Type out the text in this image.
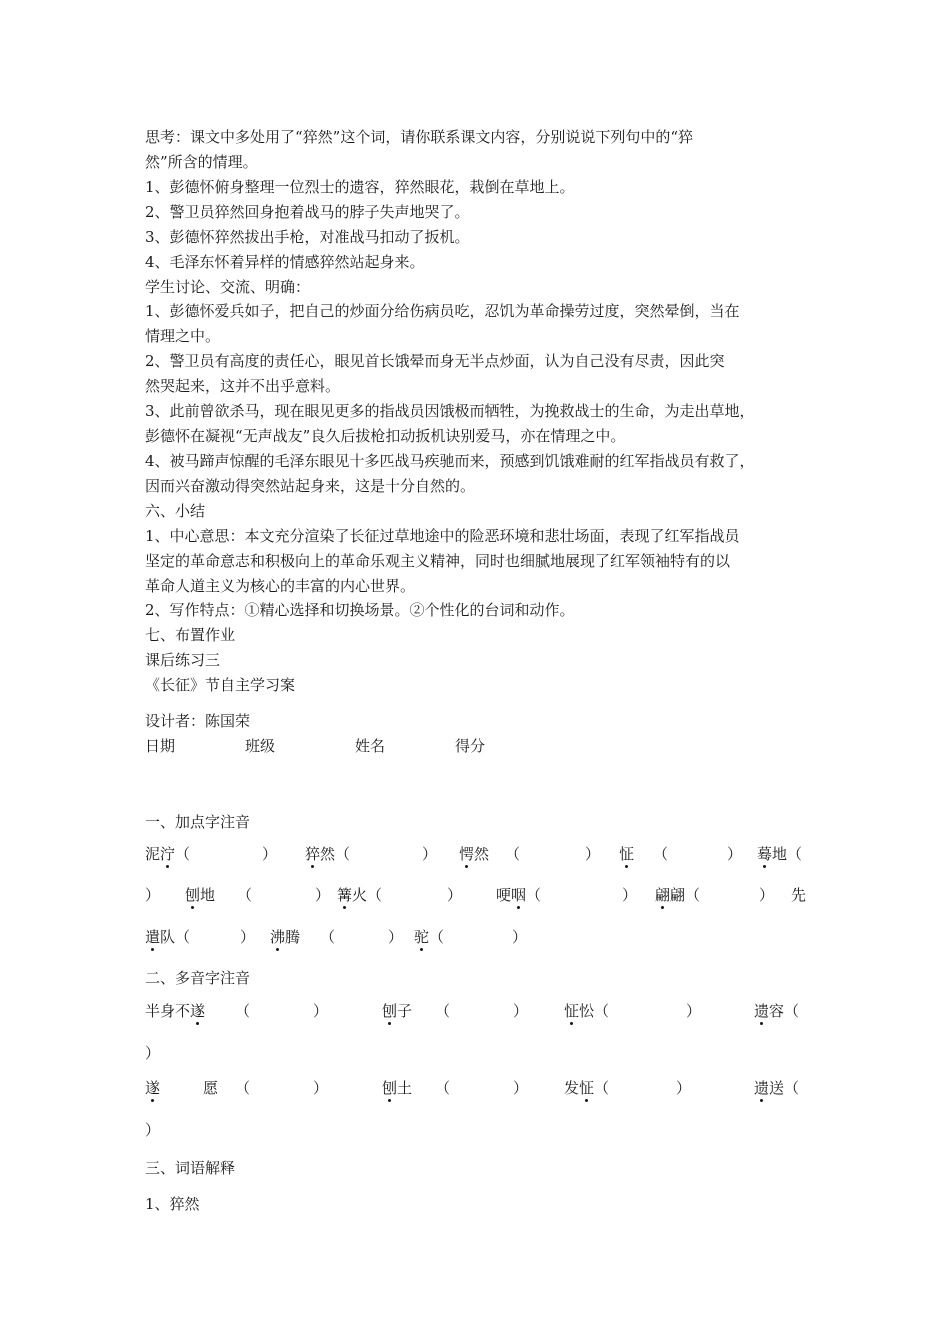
思考：课文中多处用了“猝然”这个词，请你联系课文内容，分别说说下列句中的“猝
然”所含的情理。
1、彭德怀俯身整理一位烈士的遗容，猝然眼花，栽倒在草地上。
2、警卫员猝然回身抱着战马的脖子失声地哭了。
3、彭德怀猝然拔出手枪，对准战马扣动了扳机。
4、毛泽东怀着异样的情感猝然站起身来。
学生讨论、交流、明确：
1、彭德怀爱兵如子，把自己的炒面分给伤病员吃，忍饥为革命操劳过度，突然晕倒，当在
情理之中。
2、警卫员有高度的责任心，眼见首长饿晕而身无半点炒面，认为自己没有尽责，因此突
然哭起来，这并不出乎意料。
3、此前曾欲杀马，现在眼见更多的指战员因饿极而牺牲，为挽救战士的生命，为走出草地，
彭德怀在凝视“无声战友”良久后拔枪扣动扳机诀别爱马，亦在情理之中。
4、被马蹄声惊醒的毛泽东眼见十多匹战马疾驰而来，预感到饥饿难耐的红军指战员有救了，
因而兴奋激动得突然站起身来，这是十分自然的。
六、小结
1、中心意思：本文充分渲染了长征过草地途中的险恶环境和悲壮场面，表现了红军指战员
坚定的革命意志和积极向上的革命乐观主义精神，同时也细腻地展现了红军领袖特有的以
革命人道主义为核心的丰富的内心世界。
2、写作特点：①精心选择和切换场景。②个性化的台词和动作。
七、布置作业
课后练习三
《长征》节自主学习案
设计者：陈国荣
日期	班级	姓名	得分
一、加点字注音
泥泞（	） 猝然（	） 愕然 （	） 怔 （	） 蓦地（
） 刨地 （	） 篝火（	） 哽咽（	） 翩翩（	） 先
遣队（	） 沸腾 （	） 驼（	）
二、多音字注音
半身不遂 （	）	刨子 （	） 怔忪（	）	遗容（
）
遂	愿 （	）	刨土 （	） 发怔（	）	遗送（
）
三、词语解释
1、猝然
